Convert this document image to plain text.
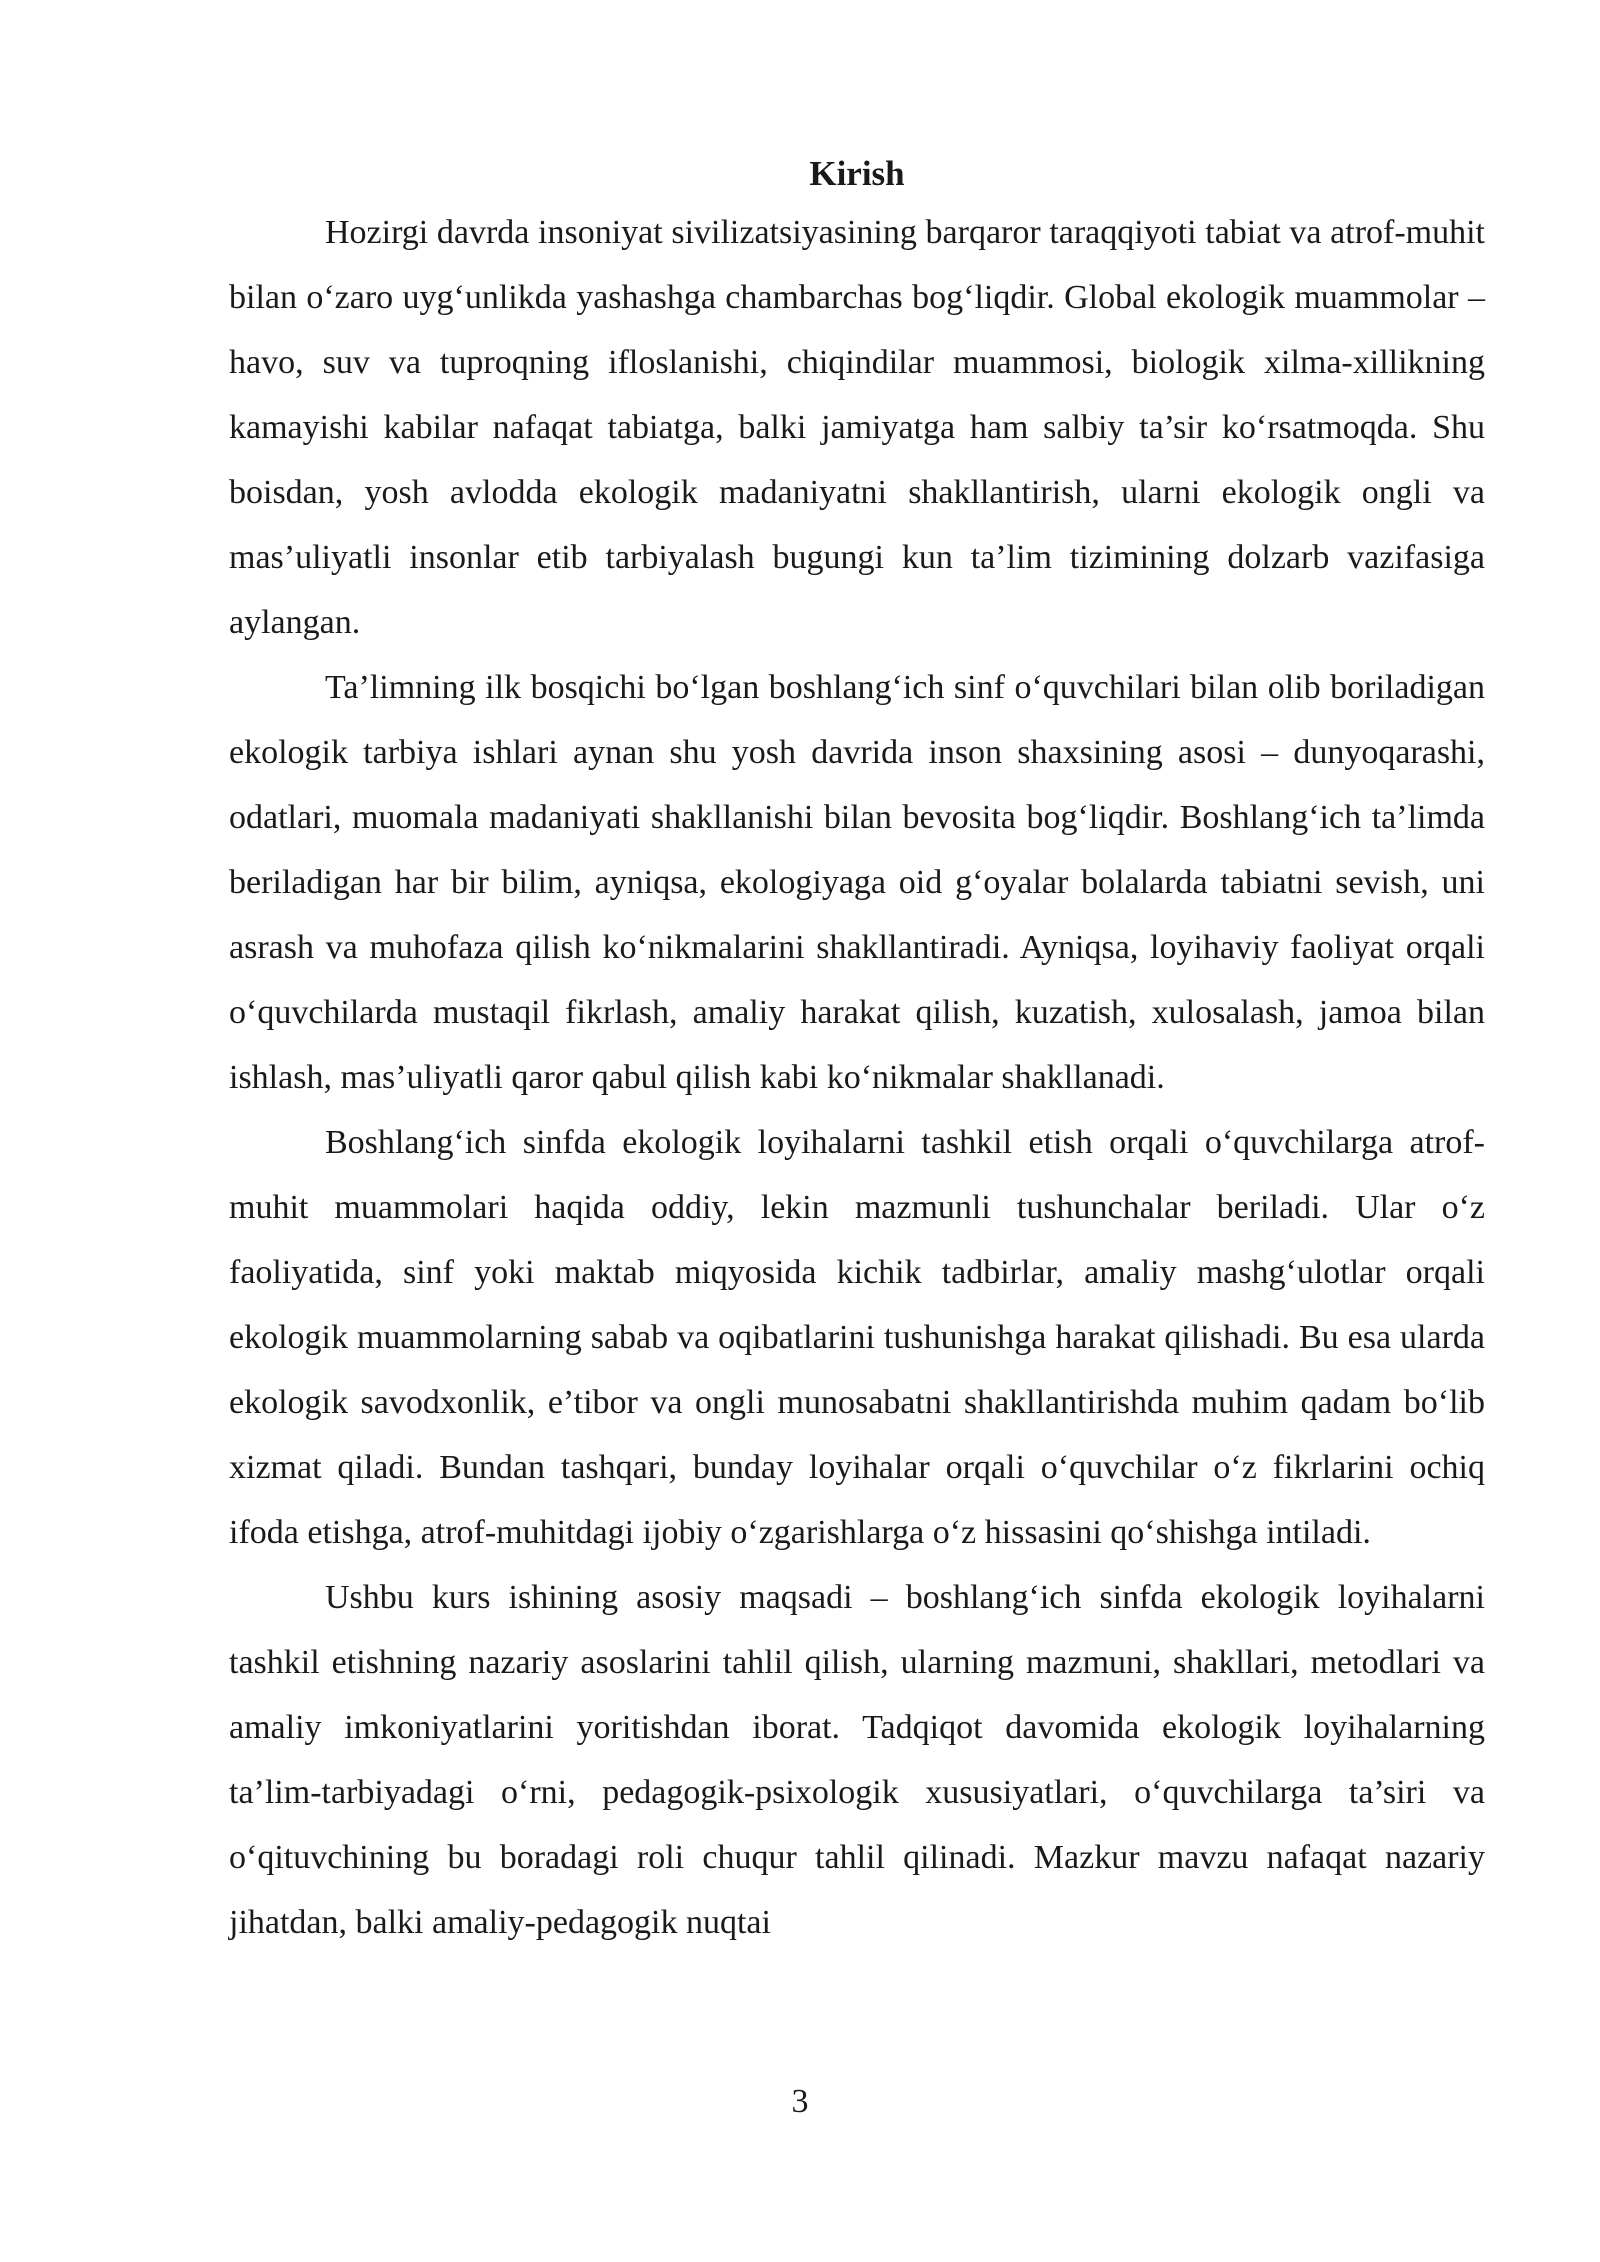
Kirish

Hozirgi davrda insoniyat sivilizatsiyasining barqaror taraqqiyoti tabiat va atrof-muhit bilan o‘zaro uyg‘unlikda yashashga chambarchas bog‘liqdir. Global ekologik muammolar – havo, suv va tuproqning ifloslanishi, chiqindilar muammosi, biologik xilma-xillikning kamayishi kabilar nafaqat tabiatga, balki jamiyatga ham salbiy ta’sir ko‘rsatmoqda. Shu boisdan, yosh avlodda ekologik madaniyatni shakllantirish, ularni ekologik ongli va mas’uliyatli insonlar etib tarbiyalash bugungi kun ta’lim tizimining dolzarb vazifasiga aylangan.

Ta’limning ilk bosqichi bo‘lgan boshlang‘ich sinf o‘quvchilari bilan olib boriladigan ekologik tarbiya ishlari aynan shu yosh davrida inson shaxsining asosi – dunyoqarashi, odatlari, muomala madaniyati shakllanishi bilan bevosita bog‘liqdir. Boshlang‘ich ta’limda beriladigan har bir bilim, ayniqsa, ekologiyaga oid g‘oyalar bolalarda tabiatni sevish, uni asrash va muhofaza qilish ko‘nikmalarini shakllantiradi. Ayniqsa, loyihaviy faoliyat orqali o‘quvchilarda mustaqil fikrlash, amaliy harakat qilish, kuzatish, xulosalash, jamoa bilan ishlash, mas’uliyatli qaror qabul qilish kabi ko‘nikmalar shakllanadi.

Boshlang‘ich sinfda ekologik loyihalarni tashkil etish orqali o‘quvchilarga atrof-muhit muammolari haqida oddiy, lekin mazmunli tushunchalar beriladi. Ular o‘z faoliyatida, sinf yoki maktab miqyosida kichik tadbirlar, amaliy mashg‘ulotlar orqali ekologik muammolarning sabab va oqibatlarini tushunishga harakat qilishadi. Bu esa ularda ekologik savodxonlik, e’tibor va ongli munosabatni shakllantirishda muhim qadam bo‘lib xizmat qiladi. Bundan tashqari, bunday loyihalar orqali o‘quvchilar o‘z fikrlarini ochiq ifoda etishga, atrof-muhitdagi ijobiy o‘zgarishlarga o‘z hissasini qo‘shishga intiladi.

Ushbu kurs ishining asosiy maqsadi – boshlang‘ich sinfda ekologik loyihalarni tashkil etishning nazariy asoslarini tahlil qilish, ularning mazmuni, shakllari, metodlari va amaliy imkoniyatlarini yoritishdan iborat. Tadqiqot davomida ekologik loyihalarning ta’lim-tarbiyadagi o‘rni, pedagogik-psixologik xususiyatlari, o‘quvchilarga ta’siri va o‘qituvchining bu boradagi roli chuqur tahlil qilinadi. Mazkur mavzu nafaqat nazariy jihatdan, balki amaliy-pedagogik nuqtai

3
